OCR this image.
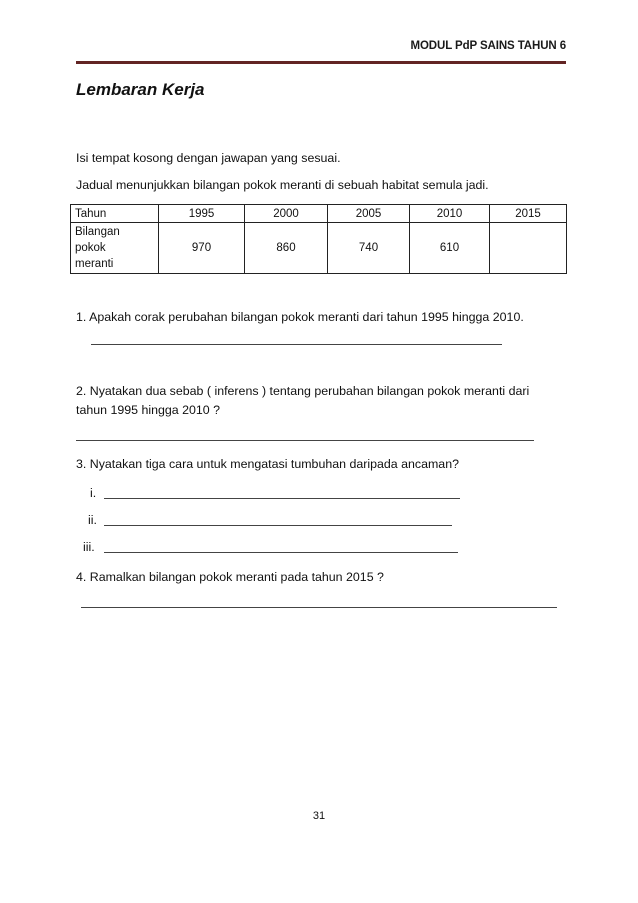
MODUL PdP SAINS TAHUN 6
Lembaran Kerja
Isi tempat kosong dengan jawapan yang sesuai.
Jadual menunjukkan bilangan pokok meranti di sebuah habitat semula jadi.
Tahun	1995	2000	2005	2010	2015

Bilangan
pokok
meranti	970	860	740	610	
1. Apakah corak perubahan bilangan pokok meranti dari tahun 1995 hingga 2010.
2. Nyatakan dua sebab ( inferens ) tentang perubahan bilangan pokok meranti dari
tahun 1995 hingga 2010 ?
3. Nyatakan tiga cara untuk mengatasi tumbuhan daripada ancaman?
i.
ii.
iii.
4. Ramalkan bilangan pokok meranti pada tahun 2015 ?
31
